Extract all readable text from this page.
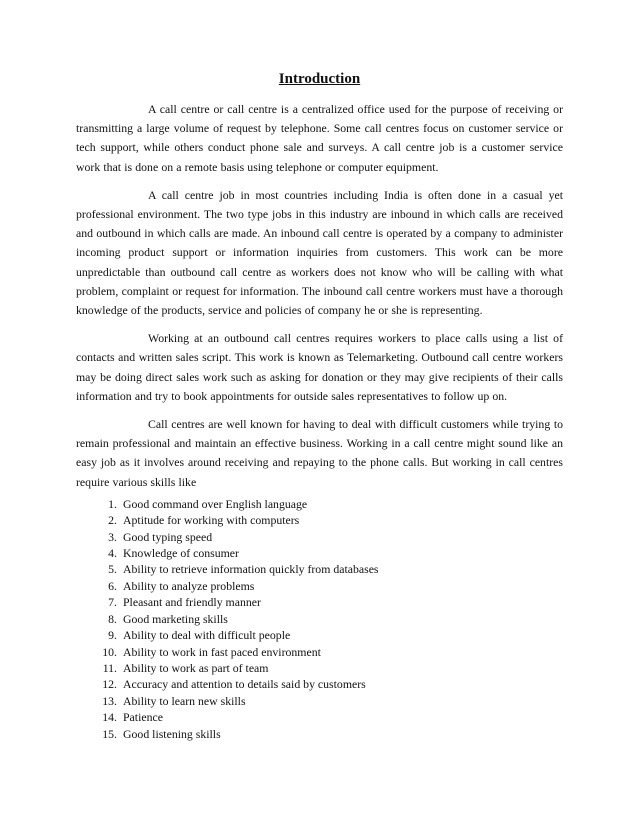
Introduction

A call centre or call centre is a centralized office used for the purpose of receiving or transmitting a large volume of request by telephone. Some call centres focus on customer service or tech support, while others conduct phone sale and surveys. A call centre job is a customer service work that is done on a remote basis using telephone or computer equipment.

A call centre job in most countries including India is often done in a casual yet professional environment. The two type jobs in this industry are inbound in which calls are received and outbound in which calls are made. An inbound call centre is operated by a company to administer incoming product support or information inquiries from customers. This work can be more unpredictable than outbound call centre as workers does not know who will be calling with what problem, complaint or request for information. The inbound call centre workers must have a thorough knowledge of the products, service and policies of company he or she is representing.

Working at an outbound call centres requires workers to place calls using a list of contacts and written sales script. This work is known as Telemarketing. Outbound call centre workers may be doing direct sales work such as asking for donation or they may give recipients of their calls information and try to book appointments for outside sales representatives to follow up on.

Call centres are well known for having to deal with difficult customers while trying to remain professional and maintain an effective business. Working in a call centre might sound like an easy job as it involves around receiving and repaying to the phone calls. But working in call centres require various skills like

1. Good command over English language
2. Aptitude for working with computers
3. Good typing speed
4. Knowledge of consumer
5. Ability to retrieve information quickly from databases
6. Ability to analyze problems
7. Pleasant and friendly manner
8. Good marketing skills
9. Ability to deal with difficult people
10. Ability to work in fast paced environment
11. Ability to work as part of team
12. Accuracy and attention to details said by customers
13. Ability to learn new skills
14. Patience
15. Good listening skills
